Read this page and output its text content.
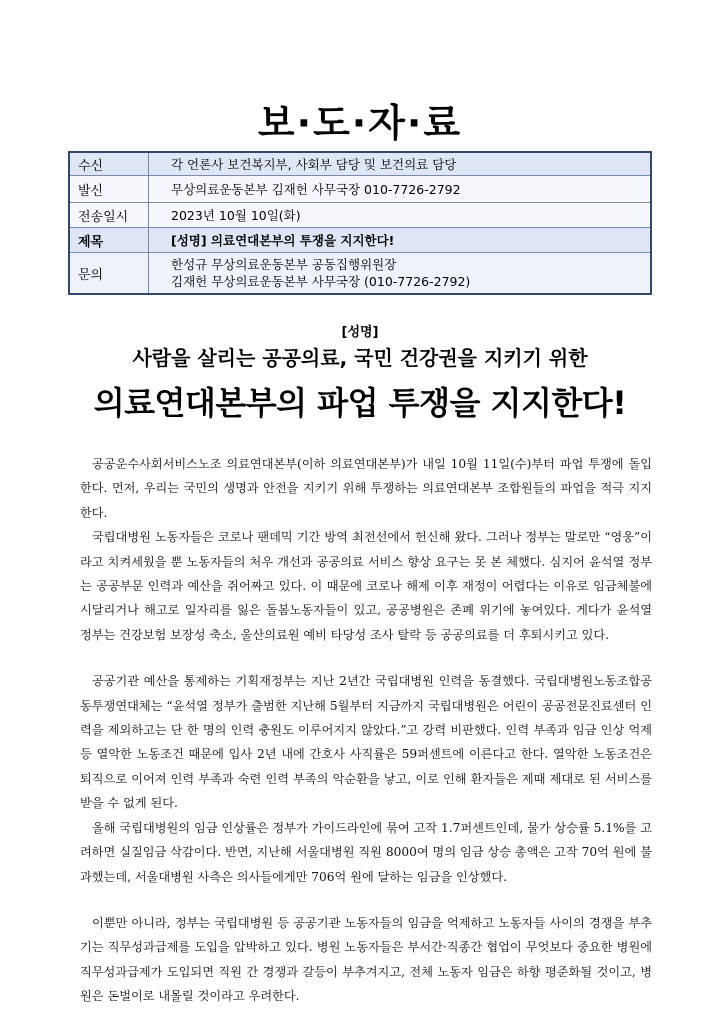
보·도·자·료
수신	각 언론사 보건복지부, 사회부 담당 및 보건의료 담당
발신	무상의료운동본부 김재헌 사무국장 010-7726-2792
전송일시	2023년 10월 10일(화)
제목	[성명] 의료연대본부의 투쟁을 지지한다!
문의	한성규 무상의료운동본부 공동집행위원장
김재헌 무상의료운동본부 사무국장 (010-7726-2792)
[성명]
사람을 살리는 공공의료, 국민 건강권을 지키기 위한
의료연대본부의 파업 투쟁을 지지한다!

공공운수사회서비스노조 의료연대본부(이하 의료연대본부)가 내일 10월 11일(수)부터 파업 투쟁에 돌입한다. 먼저, 우리는 국민의 생명과 안전을 지키기 위해 투쟁하는 의료연대본부 조합원들의 파업을 적극 지지한다.

국립대병원 노동자들은 코로나 팬데믹 기간 방역 최전선에서 헌신해 왔다. 그러나 정부는 말로만 “영웅”이라고 치켜세웠을 뿐 노동자들의 처우 개선과 공공의료 서비스 향상 요구는 못 본 체했다. 심지어 윤석열 정부는 공공부문 인력과 예산을 쥐어짜고 있다. 이 때문에 코로나 해제 이후 재정이 어렵다는 이유로 임금체불에 시달리거나 해고로 일자리를 잃은 돌봄노동자들이 있고, 공공병원은 존폐 위기에 놓여있다. 게다가 윤석열 정부는 건강보험 보장성 축소, 울산의료원 예비 타당성 조사 탈락 등 공공의료를 더 후퇴시키고 있다.

공공기관 예산을 통제하는 기획재정부는 지난 2년간 국립대병원 인력을 동결했다. 국립대병원노동조합공동투쟁연대체는 “윤석열 정부가 출범한 지난해 5월부터 지금까지 국립대병원은 어린이 공공전문진료센터 인력을 제외하고는 단 한 명의 인력 충원도 이루어지지 않았다.”고 강력 비판했다. 인력 부족과 임금 인상 억제 등 열악한 노동조건 때문에 입사 2년 내에 간호사 사직률은 59퍼센트에 이른다고 한다. 열악한 노동조건은 퇴직으로 이어져 인력 부족과 숙련 인력 부족의 악순환을 낳고, 이로 인해 환자들은 제때 제대로 된 서비스를 받을 수 없게 된다.

올해 국립대병원의 임금 인상률은 정부가 가이드라인에 묶여 고작 1.7퍼센트인데, 물가 상승률 5.1%를 고려하면 실질임금 삭감이다. 반면, 지난해 서울대병원 직원 8000여 명의 임금 상승 총액은 고작 70억 원에 불과했는데, 서울대병원 사측은 의사들에게만 706억 원에 달하는 임금을 인상했다.

이뿐만 아니라, 정부는 국립대병원 등 공공기관 노동자들의 임금을 억제하고 노동자들 사이의 경쟁을 부추기는 직무성과급제를 도입을 압박하고 있다. 병원 노동자들은 부서간·직종간 협업이 무엇보다 중요한 병원에 직무성과급제가 도입되면 직원 간 경쟁과 갈등이 부추겨지고, 전체 노동자 임금은 하향 평준화될 것이고, 병원은 돈벌이로 내몰릴 것이라고 우려한다.
